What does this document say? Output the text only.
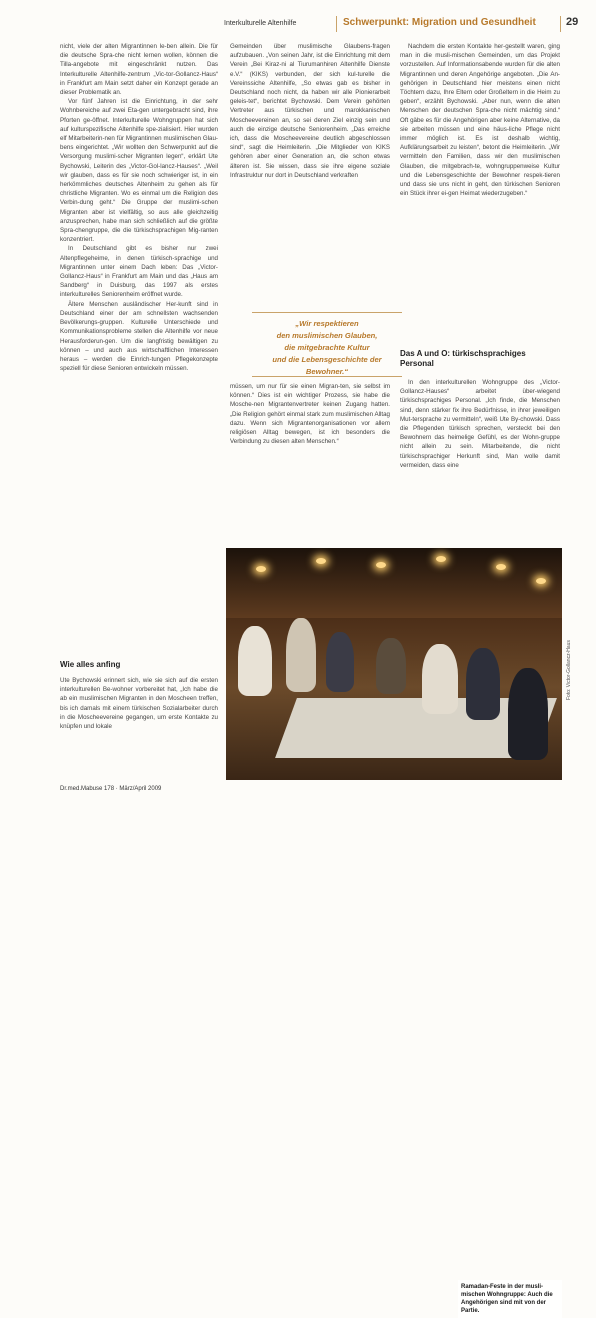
Interkulturelle Altenhilfe	Schwerpunkt: Migration und Gesundheit	29

nicht, viele der alten Migrantinnen le-ben allein. Die für die deutsche Spra-che nicht lernen wollen, können die Tilla-angebote mit eingeschränkt nutzen. Das Interkulturelle Altenhilfe-zentrum „Vic-tor-Gollancz-Haus“ in Frankfurt am Main setzt daher ein Konzept gerade an dieser Problematik an.

Vor fünf Jahren ist die Einrichtung, in der sehr Wohnbereiche auf zwei Eta-gen untergebracht sind, ihre Pforten ge-öffnet. Interkulturelle Wohngruppen hat sich auf kulturspezifische Altenhilfe spe-zialisiert. Hier wurden elf Mitarbeiterin-nen für Migrantinnen muslimischen Glau-bens eingerichtet. „Wir wollten den Schwerpunkt auf die Versorgung muslimi-scher Migranten legen“, erklärt Ute Bychowski, Leiterin des „Victor-Gol-lancz-Hauses“. „Weil wir glauben, dass es für sie noch schwieriger ist, in ein herkömmliches deutsches Altenheim zu gehen als für christliche Migranten. Wo es einmal um die Religion des Verbin-dung geht.“ Die Gruppe der muslimi-schen Migranten aber ist vielfältig, so aus alle gleichzeitig anzusprechen, habe man sich schließlich auf die größte Spra-chengruppe, die die türkischsprachigen Mig-ranten konzentriert.

In Deutschland gibt es bisher nur zwei Altenpflegeheime, in denen türkisch-sprachige und Migrantinnen unter einem Dach leben: Das „Victor-Gollancz-Haus“ in Frankfurt am Main und das „Haus am Sandberg“ in Duisburg, das 1997 als erstes interkulturelles Seniorenheim eröffnet wurde.

Ältere Menschen ausländischer Her-kunft sind in Deutschland einer der am schnellsten wachsenden Bevölkerungs-gruppen. Kulturelle Unterschiede und Kommunikationsprobleme stellen die Altenhilfe vor neue Herausforderun-gen. Um die langfristig bewältigen zu können – und auch aus wirtschaftlichen Interessen heraus – werden die Einrich-tungen Pflegekonzepte speziell für diese Senioren entwickeln müssen.

Wie alles anfing

Ute Bychowski erinnert sich, wie sie sich auf die ersten interkulturellen Be-wohner vorbereitet hat, „Ich habe die ab ein muslimischen Migranten in den Moscheen treffen, bis ich damals mit einem türkischen Sozialarbeiter durch in die Moscheevereine gegangen, um erste Kontakte zu knüpfen und lokale

Gemeinden über muslimische Glaubens-fragen aufzubauen. „Von seinen Jahr, ist die Einrichtung mit dem Verein „Bei Kiraz-ni al Tiurumanhiren Altenhilfe Dienste e.V.“ (KIKS) verbunden, der sich kul-turelle die Vereinssiche Altenhilfe, „So etwas gab es bisher in Deutschland noch nicht, da haben wir alle Pionierarbeit geleis-tet“, berichtet Bychowski. Dem Verein gehörten Vertreter aus türkischen und marokkanischen Moscheevereinen an, so sei deren Ziel einzig sein und auch die einzige deutsche Seniorenheim. „Das erreiche ich, dass die Moscheevereine deutlich abgeschlossen sind“, sagt die Heimleiterin. „Die Mitglieder von KIKS gehören aber einer Generation an, die schon etwas älteren ist. Sie wissen, dass sie ihre eigene soziale Infrastruktur nur dort in Deutschland verkraften

„Wir respektieren
den muslimischen Glauben,
die mitgebrachte Kultur
und die Lebensgeschichte der
Bewohner.“

müssen, um nur für sie einen Migran-ten, sie selbst im können.“ Dies ist ein wichtiger Prozess, sie habe die Mosche-nen Migrantenvertreter keinen Zugang hatten. „Die Religion gehört einmal stark zum muslimischen Alltag dazu. Wenn sich Migrantenorganisationen vor allem religiösen Alltag bewegen, ist ich besonders die Verbindung zu diesen alten Menschen.“

Nachdem die ersten Kontakte her-gestellt waren, ging man in die musli-mischen Gemeinden, um das Projekt vorzustellen. Auf Informationsabende wurden für die alten Migrantinnen und deren Angehörige angeboten. „Die An-gehörigen in Deutschland hier meistens einen nicht Töchtern dazu, Ihre Eltern oder Großeltern in die Heim zu geben“, erzählt Bychowski. „Aber nun, wenn die alten Menschen der deutschen Spra-che nicht mächtig sind.“ Oft gäbe es für die Angehörigen aber keine Alternative, da sie arbeiten müssen und eine häus-liche Pflege nicht immer möglich ist. Es ist deshalb wichtig, Aufklärungsarbeit zu leisten“, betont die Heimleiterin. „Wir vermitteln den Familien, dass wir den muslimischen Glauben, die mitgebrach-te, wohngruppenweise Kultur und die Lebensgeschichte der Bewohner respek-tieren und dass sie uns nicht in geht, den türkischen Senioren ein Stück ihrer ei-gen Heimat wiederzugeben.“

Das A und O: türkischsprachiges Personal

In den interkulturellen Wohngruppe des „Victor-Gollancz-Hauses“ arbeitet über-wiegend türkischsprachiges Personal. „Ich finde, die Menschen sind, denn stärker fix ihre Bedürfnisse, in ihrer jeweiligen Mut-tersprache zu vermitteln“, weiß Ute By-chowski. Dass die Pflegenden türkisch sprechen, versteckt bei den Bewohnern das heimelige Gefühl, es der Wohn-gruppe nicht allein zu sein. Mitarbeitende, die nicht türkischsprachiger Herkunft sind, Man wolle damit vermeiden, dass eine

Ramadan-Feste in der musli-mischen Wohngruppe: Auch die Angehörigen sind mit von der Partie.
Foto: Victor-Gollancz-Haus
Dr.med.Mabuse 178 · März/April 2009
